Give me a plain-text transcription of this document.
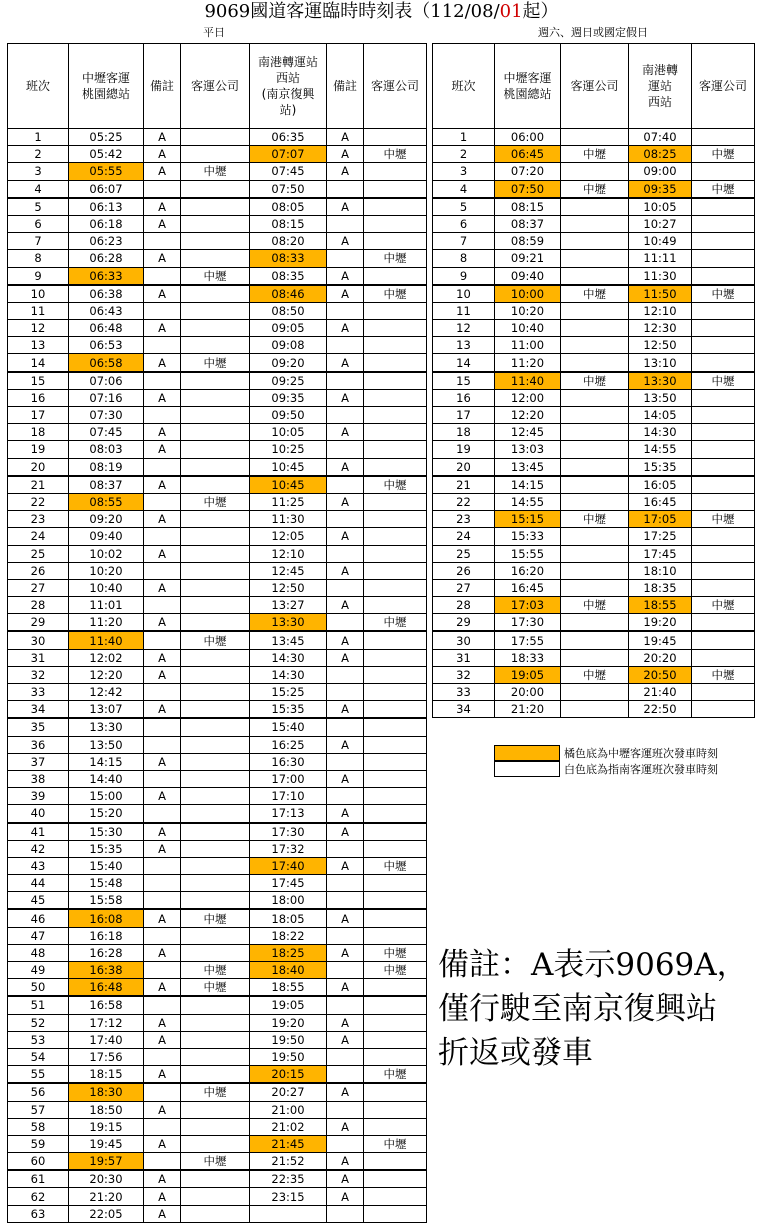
9069國道客運臨時時刻表（112/08/01起）
平日	週六、週日或國定假日
班次	中壢客運
桃園總站	備註	客運公司	南港轉運站
西站
(南京復興
站)	備註	客運公司
1	05:25	A		06:35	A	
2	05:42	A		07:07	A	中壢
3	05:55	A	中壢	07:45	A	
4	06:07			07:50		
5	06:13	A		08:05	A	
6	06:18	A		08:15		
7	06:23			08:20	A	
8	06:28	A		08:33		中壢
9	06:33		中壢	08:35	A	
10	06:38	A		08:46	A	中壢
11	06:43			08:50		
12	06:48	A		09:05	A	
13	06:53			09:08		
14	06:58	A	中壢	09:20	A	
15	07:06			09:25		
16	07:16	A		09:35	A	
17	07:30			09:50		
18	07:45	A		10:05	A	
19	08:03	A		10:25		
20	08:19			10:45	A	
21	08:37	A		10:45		中壢
22	08:55		中壢	11:25	A	
23	09:20	A		11:30		
24	09:40			12:05	A	
25	10:02	A		12:10		
26	10:20			12:45	A	
27	10:40	A		12:50		
28	11:01			13:27	A	
29	11:20	A		13:30		中壢
30	11:40		中壢	13:45	A	
31	12:02	A		14:30	A	
32	12:20	A		14:30		
33	12:42			15:25		
34	13:07	A		15:35	A	
35	13:30			15:40		
36	13:50			16:25	A	
37	14:15	A		16:30		
38	14:40			17:00	A	
39	15:00	A		17:10		
40	15:20			17:13	A	
41	15:30	A		17:30	A	
42	15:35	A		17:32		
43	15:40			17:40	A	中壢
44	15:48			17:45		
45	15:58			18:00		
46	16:08	A	中壢	18:05	A	
47	16:18			18:22		
48	16:28	A		18:25	A	中壢
49	16:38		中壢	18:40		中壢
50	16:48	A	中壢	18:55	A	
51	16:58			19:05		
52	17:12	A		19:20	A	
53	17:40	A		19:50	A	
54	17:56			19:50		
55	18:15	A		20:15		中壢
56	18:30		中壢	20:27	A	
57	18:50	A		21:00		
58	19:15			21:02	A	
59	19:45	A		21:45		中壢
60	19:57		中壢	21:52	A	
61	20:30	A		22:35	A	
62	21:20	A		23:15	A	
63	22:05	A				
班次	中壢客運
桃園總站	客運公司	南港轉
運站
西站	客運公司
1	06:00		07:40	
2	06:45	中壢	08:25	中壢
3	07:20		09:00	
4	07:50	中壢	09:35	中壢
5	08:15		10:05	
6	08:37		10:27	
7	08:59		10:49	
8	09:21		11:11	
9	09:40		11:30	
10	10:00	中壢	11:50	中壢
11	10:20		12:10	
12	10:40		12:30	
13	11:00		12:50	
14	11:20		13:10	
15	11:40	中壢	13:30	中壢
16	12:00		13:50	
17	12:20		14:05	
18	12:45		14:30	
19	13:03		14:55	
20	13:45		15:35	
21	14:15		16:05	
22	14:55		16:45	
23	15:15	中壢	17:05	中壢
24	15:33		17:25	
25	15:55		17:45	
26	16:20		18:10	
27	16:45		18:35	
28	17:03	中壢	18:55	中壢
29	17:30		19:20	
30	17:55		19:45	
31	18:33		20:20	
32	19:05	中壢	20:50	中壢
33	20:00		21:40	
34	21:20		22:50	
橘色底為中壢客運班次發車時刻
白色底為指南客運班次發車時刻
備註：A表示9069A，
僅行駛至南京復興站
折返或發車
